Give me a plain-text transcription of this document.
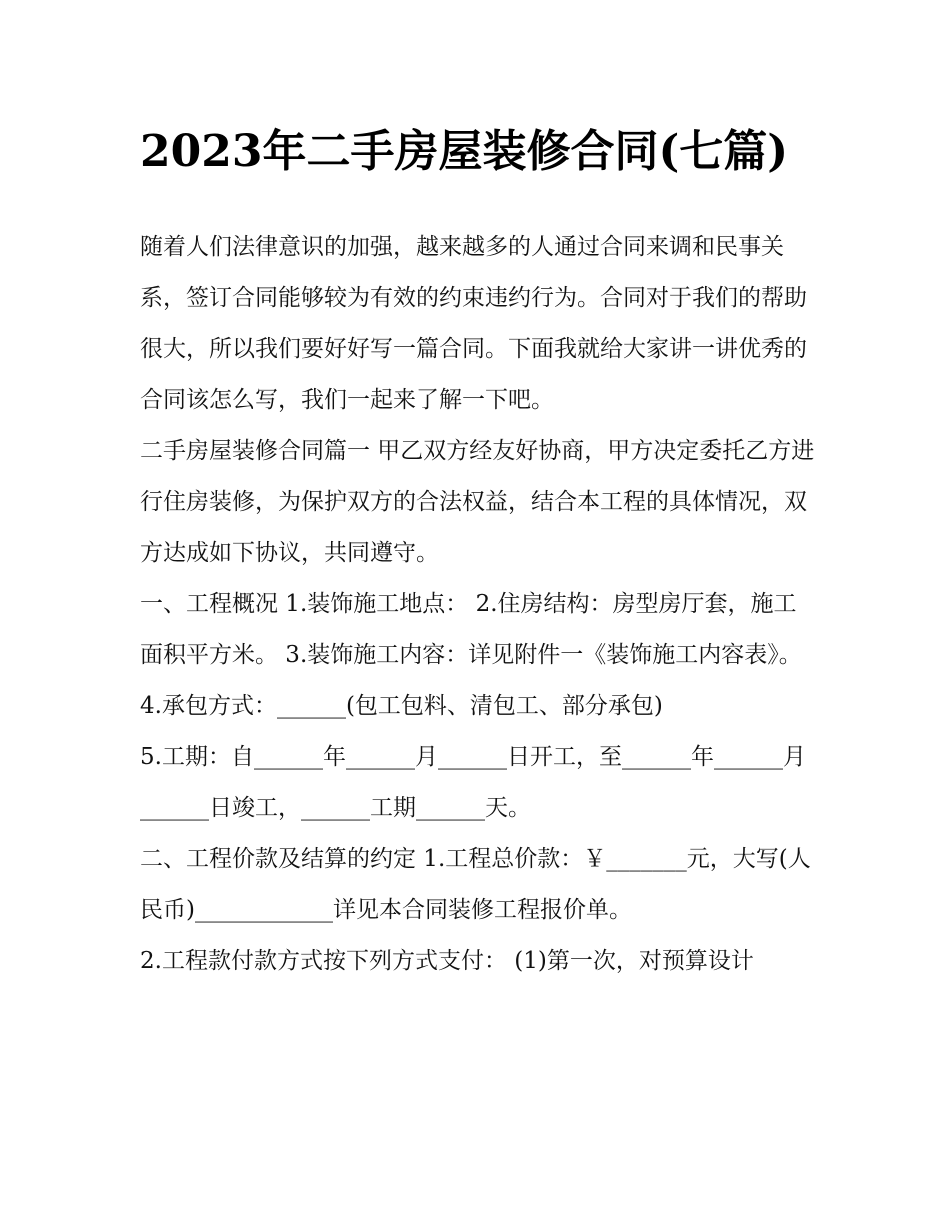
2023年二手房屋装修合同(七篇)

随着人们法律意识的加强，越来越多的人通过合同来调和民事关系，签订合同能够较为有效的约束违约行为。合同对于我们的帮助很大，所以我们要好好写一篇合同。下面我就给大家讲一讲优秀的合同该怎么写，我们一起来了解一下吧。

二手房屋装修合同篇一 甲乙双方经友好协商，甲方决定委托乙方进行住房装修，为保护双方的合法权益，结合本工程的具体情况，双方达成如下协议，共同遵守。

一、工程概况 1.装饰施工地点： 2.住房结构：房型房厅套，施工面积平方米。 3.装饰施工内容：详见附件一《装饰施工内容表》。

4.承包方式：______(包工包料、清包工、部分承包)

5.工期：自______年______月______日开工，至______年______月______日竣工，______工期______天。

二、工程价款及结算的约定 1.工程总价款：￥_______元，大写(人民币)____________详见本合同装修工程报价单。

2.工程款付款方式按下列方式支付： (1)第一次，对预算设计
